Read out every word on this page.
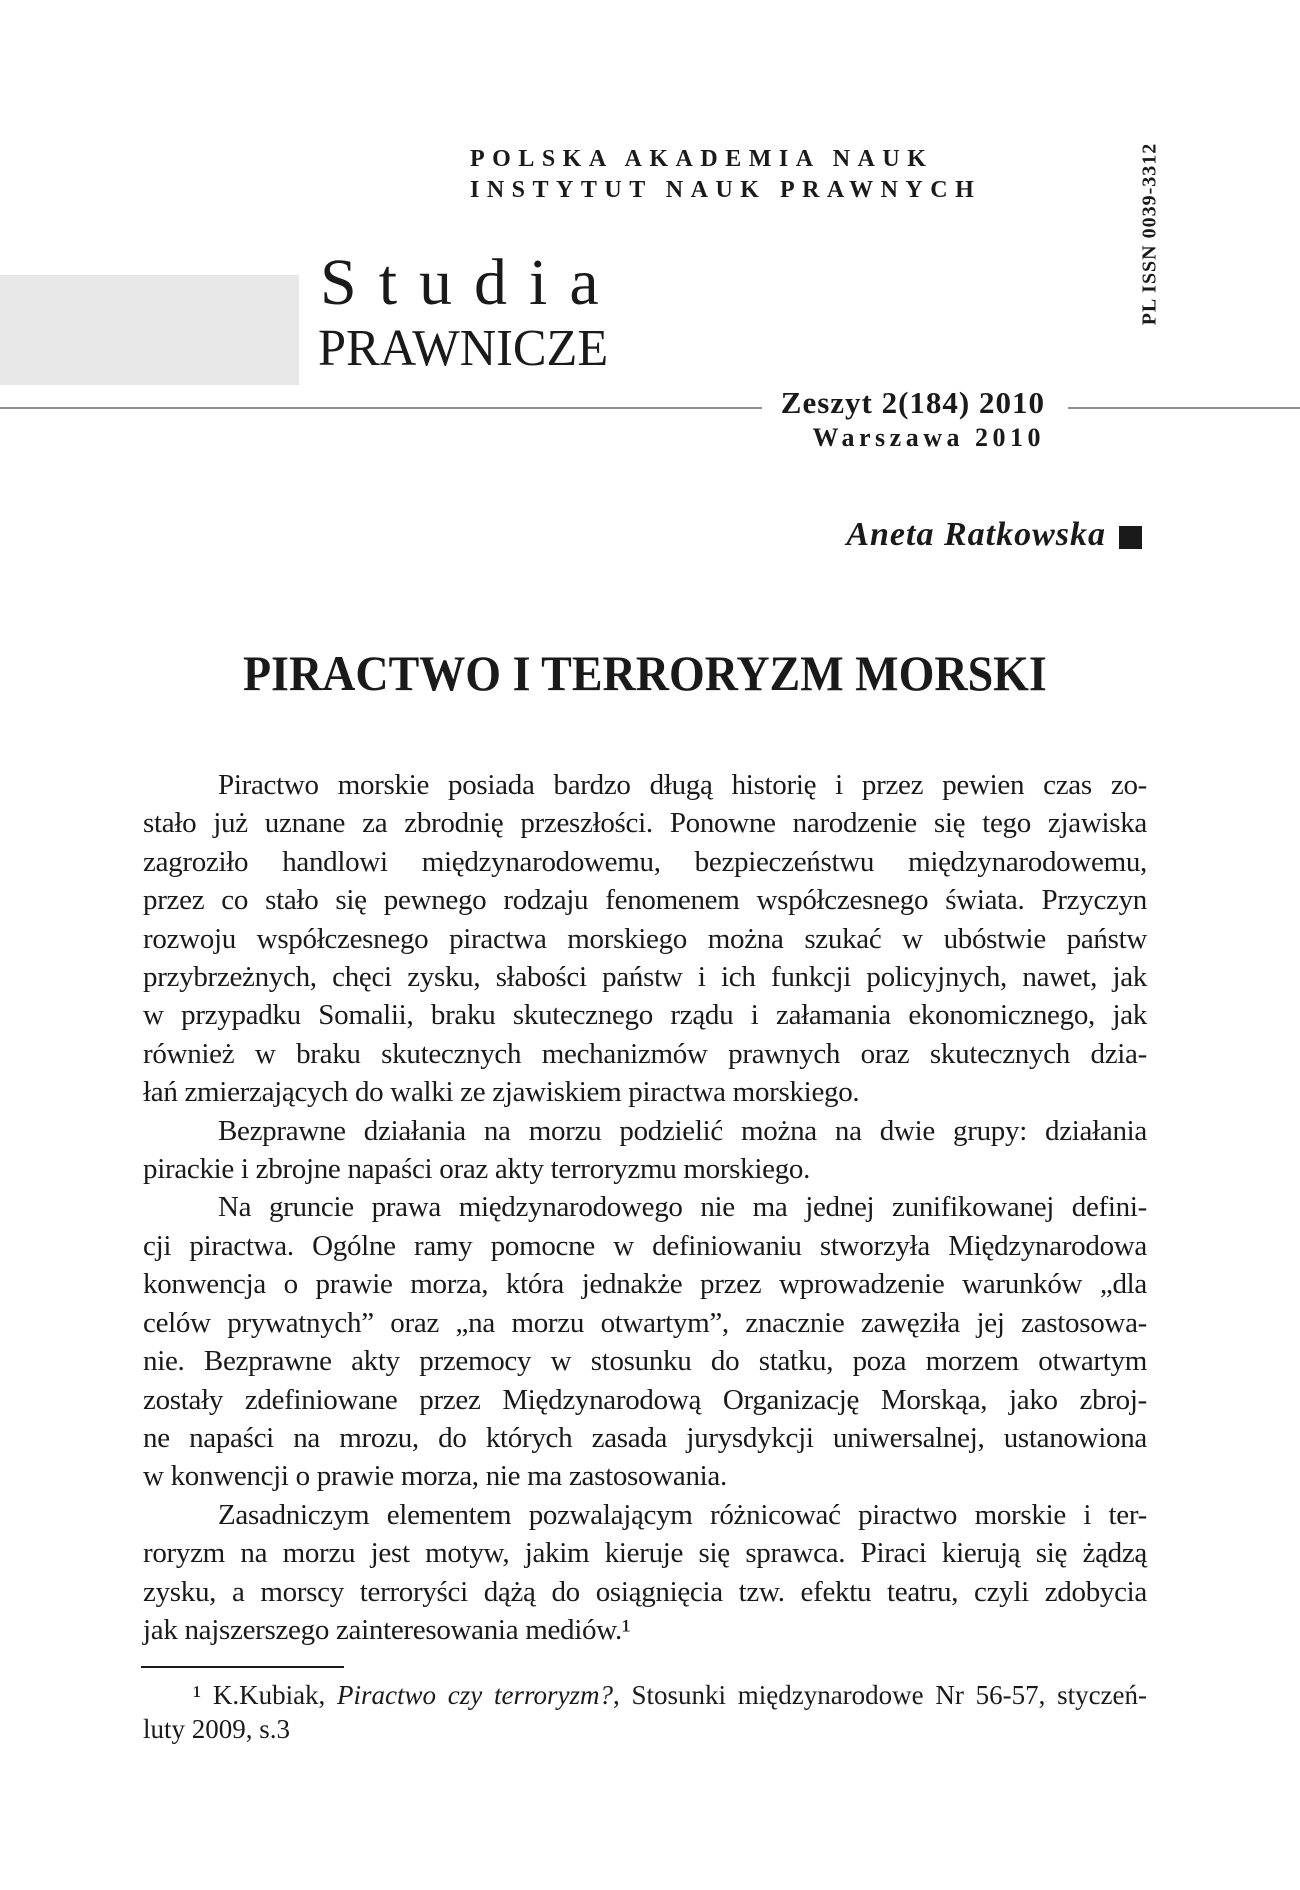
POLSKA AKADEMIA NAUK
INSTYTUT NAUK PRAWNYCH	PL ISSN 0039-3312
Studia
PRAWNICZE
Zeszyt 2(184) 2010
Warszawa 2010
Aneta Ratkowska
PIRACTWO I TERRORYZM MORSKI
Piractwo morskie posiada bardzo długą historię i przez pewien czas zo-
stało już uznane za zbrodnię przeszłości. Ponowne narodzenie się tego zjawiska
zagroziło handlowi międzynarodowemu, bezpieczeństwu międzynarodowemu,
przez co stało się pewnego rodzaju fenomenem współczesnego świata. Przyczyn
rozwoju współczesnego piractwa morskiego można szukać w ubóstwie państw
przybrzeżnych, chęci zysku, słabości państw i ich funkcji policyjnych, nawet, jak
w przypadku Somalii, braku skutecznego rządu i załamania ekonomicznego, jak
również w braku skutecznych mechanizmów prawnych oraz skutecznych dzia-
łań zmierzających do walki ze zjawiskiem piractwa morskiego.
Bezprawne działania na morzu podzielić można na dwie grupy: działania
pirackie i zbrojne napaści oraz akty terroryzmu morskiego.
Na gruncie prawa międzynarodowego nie ma jednej zunifikowanej defini-
cji piractwa. Ogólne ramy pomocne w definiowaniu stworzyła Międzynarodowa
konwencja o prawie morza, która jednakże przez wprowadzenie warunków „dla
celów prywatnych” oraz „na morzu otwartym”, znacznie zawęziła jej zastosowa-
nie. Bezprawne akty przemocy w stosunku do statku, poza morzem otwartym
zostały zdefiniowane przez Międzynarodową Organizację Morskąa, jako zbroj-
ne napaści na mrozu, do których zasada jurysdykcji uniwersalnej, ustanowiona
w konwencji o prawie morza, nie ma zastosowania.
Zasadniczym elementem pozwalającym różnicować piractwo morskie i ter-
roryzm na morzu jest motyw, jakim kieruje się sprawca. Piraci kierują się żądzą
zysku, a morscy terroryści dążą do osiągnięcia tzw. efektu teatru, czyli zdobycia
jak najszerszego zainteresowania mediów.¹
¹ K.Kubiak, Piractwo czy terroryzm?, Stosunki międzynarodowe Nr 56-57, styczeń-
luty 2009, s.3
